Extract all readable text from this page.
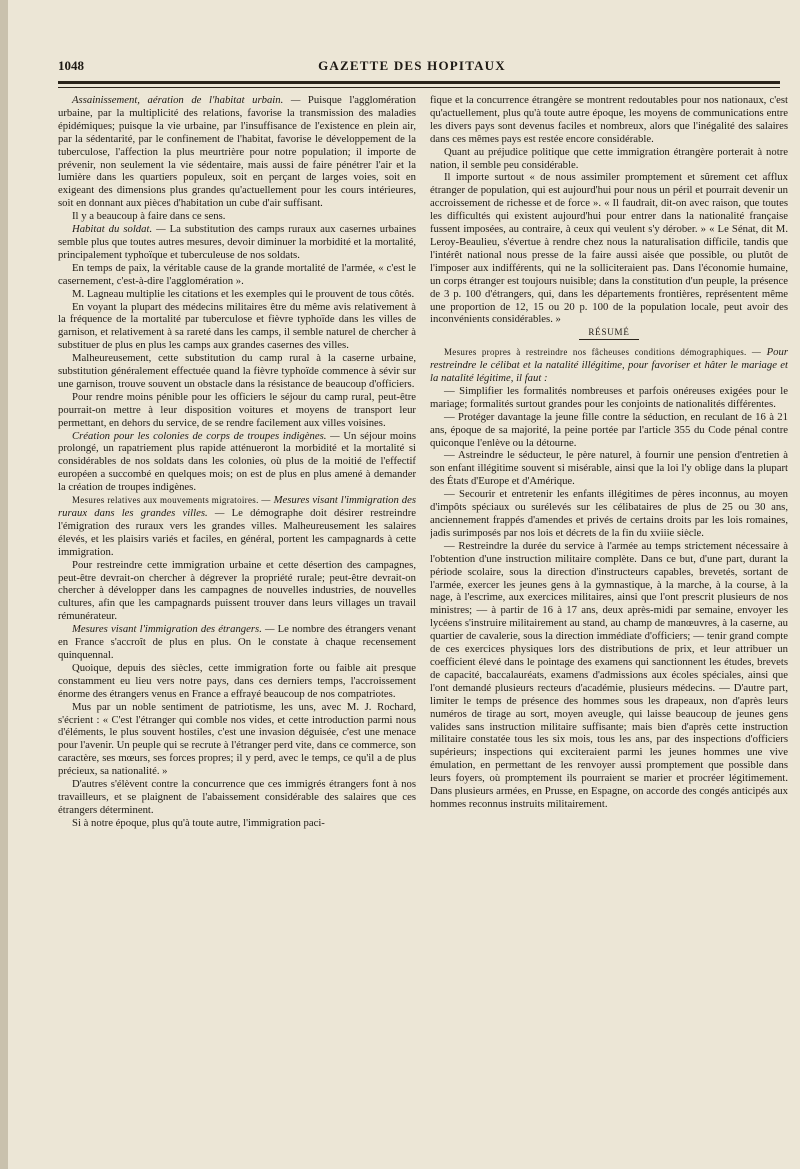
1048	GAZETTE DES HOPITAUX

Assainissement, aération de l'habitat urbain. — Puisque l'agglomération urbaine, par la multiplicité des relations, favorise la transmission des maladies épidémiques; puisque la vie urbaine, par l'insuffisance de l'existence en plein air, par la sédentarité, par le confinement de l'habitat, favorise le développement de la tuberculose, l'affection la plus meurtrière pour notre population; il importe de prévenir, non seulement la vie sédentaire, mais aussi de faire pénétrer l'air et la lumière dans les quartiers populeux, soit en perçant de larges voies, soit en exigeant des dimensions plus grandes qu'actuellement pour les cours intérieures, soit en donnant aux pièces d'habitation un cube d'air suffisant.

Il y a beaucoup à faire dans ce sens.

Habitat du soldat. — La substitution des camps ruraux aux casernes urbaines semble plus que toutes autres mesures, devoir diminuer la morbidité et la mortalité, principalement typhoïque et tuberculeuse de nos soldats.

En temps de paix, la véritable cause de la grande mortalité de l'armée, « c'est le casernement, c'est-à-dire l'agglomération ».

M. Lagneau multiplie les citations et les exemples qui le prouvent de tous côtés.

En voyant la plupart des médecins militaires être du même avis relativement à la fréquence de la mortalité par tuberculose et fièvre typhoïde dans les villes de garnison, et relativement à sa rareté dans les camps, il semble naturel de chercher à substituer de plus en plus les camps aux grandes casernes des villes.

Malheureusement, cette substitution du camp rural à la caserne urbaine, substitution généralement effectuée quand la fièvre typhoïde commence à sévir sur une garnison, trouve souvent un obstacle dans la résistance de beaucoup d'officiers.

Pour rendre moins pénible pour les officiers le séjour du camp rural, peut-être pourrait-on mettre à leur disposition voitures et moyens de transport leur permettant, en dehors du service, de se rendre facilement aux villes voisines.

Création pour les colonies de corps de troupes indigènes. — Un séjour moins prolongé, un rapatriement plus rapide atténueront la morbidité et la mortalité si considérables de nos soldats dans les colonies, où plus de la moitié de l'effectif européen a succombé en quelques mois; on est de plus en plus amené à demander la création de troupes indigènes.

Mesures relatives aux mouvements migratoires. — Mesures visant l'immigration des ruraux dans les grandes villes. — Le démographe doit désirer restreindre l'émigration des ruraux vers les grandes villes. Malheureusement les salaires élevés, et les plaisirs variés et faciles, en général, portent les campagnards à cette immigration.

Pour restreindre cette immigration urbaine et cette désertion des campagnes, peut-être devrait-on chercher à dégrever la propriété rurale; peut-être devrait-on chercher à développer dans les campagnes de nouvelles industries, de nouvelles cultures, afin que les campagnards puissent trouver dans leurs villages un travail rémunérateur.

Mesures visant l'immigration des étrangers. — Le nombre des étrangers venant en France s'accroît de plus en plus. On le constate à chaque recensement quinquennal.

Quoique, depuis des siècles, cette immigration forte ou faible ait presque constamment eu lieu vers notre pays, dans ces derniers temps, l'accroissement énorme des étrangers venus en France a effrayé beaucoup de nos compatriotes.

Mus par un noble sentiment de patriotisme, les uns, avec M. J. Rochard, s'écrient : « C'est l'étranger qui comble nos vides, et cette introduction parmi nous d'éléments, le plus souvent hostiles, c'est une invasion déguisée, c'est une menace pour l'avenir. Un peuple qui se recrute à l'étranger perd vite, dans ce commerce, son caractère, ses mœurs, ses forces propres; il y perd, avec le temps, ce qu'il a de plus précieux, sa nationalité. »

D'autres s'élèvent contre la concurrence que ces immigrés étrangers font à nos travailleurs, et se plaignent de l'abaissement considérable des salaires que ces étrangers déterminent.

Si à notre époque, plus qu'à toute autre, l'immigration paci-

fique et la concurrence étrangère se montrent redoutables pour nos nationaux, c'est qu'actuellement, plus qu'à toute autre époque, les moyens de communications entre les divers pays sont devenus faciles et nombreux, alors que l'inégalité des salaires dans ces mêmes pays est restée encore considérable.

Quant au préjudice politique que cette immigration étrangère porterait à notre nation, il semble peu considérable.

Il importe surtout « de nous assimiler promptement et sûrement cet afflux étranger de population, qui est aujourd'hui pour nous un péril et pourrait devenir un accroissement de richesse et de force ». « Il faudrait, dit-on avec raison, que toutes les difficultés qui existent aujourd'hui pour entrer dans la nationalité française fussent imposées, au contraire, à ceux qui veulent s'y dérober. » « Le Sénat, dit M. Leroy-Beaulieu, s'évertue à rendre chez nous la naturalisation difficile, tandis que l'intérêt national nous presse de la faire aussi aisée que possible, ou plutôt de l'imposer aux indifférents, qui ne la solliciteraient pas. Dans l'économie humaine, un corps étranger est toujours nuisible; dans la constitution d'un peuple, la présence de 3 p. 100 d'étrangers, qui, dans les départements frontières, représentent même une proportion de 12, 15 ou 20 p. 100 de la population locale, peut avoir des inconvénients considérables. »

RÉSUMÉ

Mesures propres à restreindre nos fâcheuses conditions démographiques. — Pour restreindre le célibat et la natalité illégitime, pour favoriser et hâter le mariage et la natalité légitime, il faut :

— Simplifier les formalités nombreuses et parfois onéreuses exigées pour le mariage; formalités surtout grandes pour les conjoints de nationalités différentes.

— Protéger davantage la jeune fille contre la séduction, en reculant de 16 à 21 ans, époque de sa majorité, la peine portée par l'article 355 du Code pénal contre quiconque l'enlève ou la détourne.

— Astreindre le séducteur, le père naturel, à fournir une pension d'entretien à son enfant illégitime souvent si misérable, ainsi que la loi l'y oblige dans la plupart des États d'Europe et d'Amérique.

— Secourir et entretenir les enfants illégitimes de pères inconnus, au moyen d'impôts spéciaux ou surélevés sur les célibataires de plus de 25 ou 30 ans, anciennement frappés d'amendes et privés de certains droits par les lois romaines, jadis surimposés par nos lois et décrets de la fin du xviiie siècle.

— Restreindre la durée du service à l'armée au temps strictement nécessaire à l'obtention d'une instruction militaire complète. Dans ce but, d'une part, durant la période scolaire, sous la direction d'instructeurs capables, brevetés, sortant de l'armée, exercer les jeunes gens à la gymnastique, à la marche, à la course, à la nage, à l'escrime, aux exercices militaires, ainsi que l'ont prescrit plusieurs de nos ministres; — à partir de 16 à 17 ans, deux après-midi par semaine, envoyer les lycéens s'instruire militairement au stand, au champ de manœuvres, à la caserne, au quartier de cavalerie, sous la direction immédiate d'officiers; — tenir grand compte de ces exercices physiques lors des distributions de prix, et leur attribuer un coefficient élevé dans le pointage des examens qui sanctionnent les études, brevets de capacité, baccalauréats, examens d'admissions aux écoles spéciales, ainsi que l'ont demandé plusieurs recteurs d'académie, plusieurs médecins. — D'autre part, limiter le temps de présence des hommes sous les drapeaux, non d'après leurs numéros de tirage au sort, moyen aveugle, qui laisse beaucoup de jeunes gens valides sans instruction militaire suffisante; mais bien d'après cette instruction militaire constatée tous les six mois, tous les ans, par des inspections d'officiers supérieurs; inspections qui exciteraient parmi les jeunes hommes une vive émulation, en permettant de les renvoyer aussi promptement que possible dans leurs foyers, où promptement ils pourraient se marier et procréer légitimement. Dans plusieurs armées, en Prusse, en Espagne, on accorde des congés anticipés aux hommes reconnus instruits militairement.
